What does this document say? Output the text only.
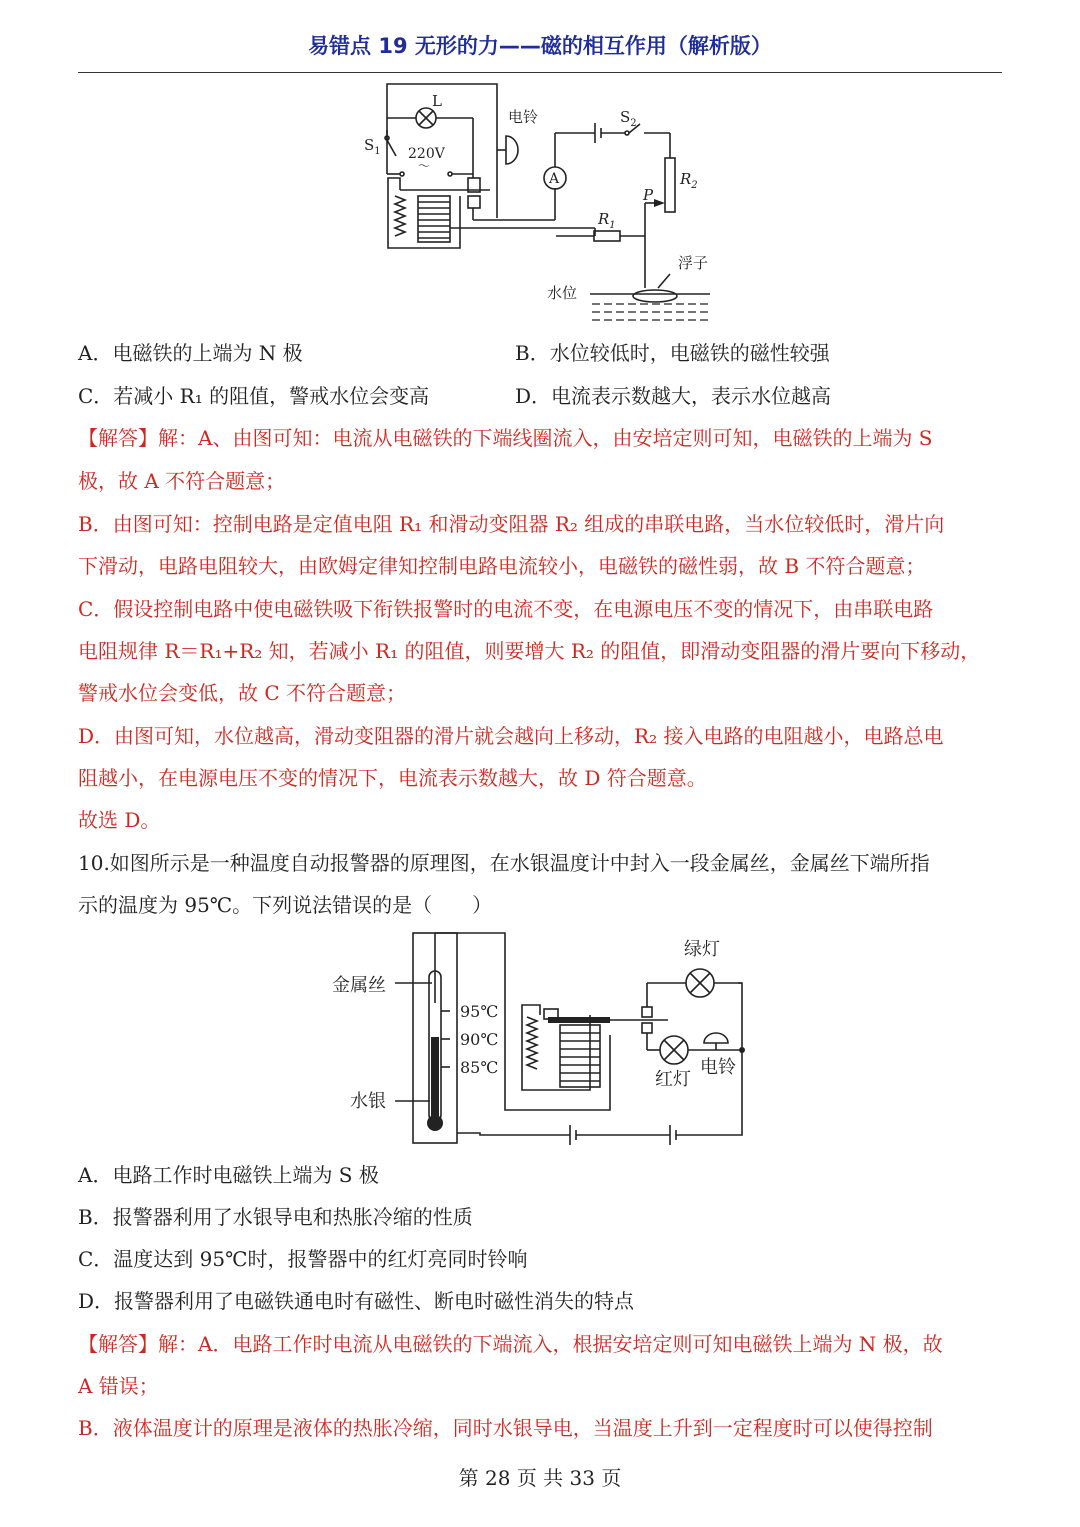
易错点 19 无形的力——磁的相互作用（解析版）
L
$S_1$ 220V
～
电铃
A
$S_2$
$R_2$
$R_1$
P
浮子
水位
A．电磁铁的上端为 N 极	B．水位较低时，电磁铁的磁性较强
C．若减小 R₁ 的阻值，警戒水位会变高	D．电流表示数越大，表示水位越高
【解答】解：A、由图可知：电流从电磁铁的下端线圈流入，由安培定则可知，电磁铁的上端为 S
极，故 A 不符合题意；
B．由图可知：控制电路是定值电阻 R₁ 和滑动变阻器 R₂ 组成的串联电路，当水位较低时，滑片向
下滑动，电路电阻较大，由欧姆定律知控制电路电流较小，电磁铁的磁性弱，故 B 不符合题意；
C．假设控制电路中使电磁铁吸下衔铁报警时的电流不变，在电源电压不变的情况下，由串联电路
电阻规律 R＝R₁+R₂ 知，若减小 R₁ 的阻值，则要增大 R₂ 的阻值，即滑动变阻器的滑片要向下移动，
警戒水位会变低，故 C 不符合题意；
D．由图可知，水位越高，滑动变阻器的滑片就会越向上移动，R₂ 接入电路的电阻越小，电路总电
阻越小，在电源电压不变的情况下，电流表示数越大，故 D 符合题意。
故选 D。
10.如图所示是一种温度自动报警器的原理图，在水银温度计中封入一段金属丝，金属丝下端所指
示的温度为 95℃。下列说法错误的是（　　）
95℃
90℃
85℃
金属丝
水银
绿灯
红灯
电铃
A．电路工作时电磁铁上端为 S 极
B．报警器利用了水银导电和热胀冷缩的性质
C．温度达到 95℃时，报警器中的红灯亮同时铃响
D．报警器利用了电磁铁通电时有磁性、断电时磁性消失的特点
【解答】解：A．电路工作时电流从电磁铁的下端流入，根据安培定则可知电磁铁上端为 N 极，故
A 错误；
B．液体温度计的原理是液体的热胀冷缩，同时水银导电，当温度上升到一定程度时可以使得控制
第 28 页 共 33 页
